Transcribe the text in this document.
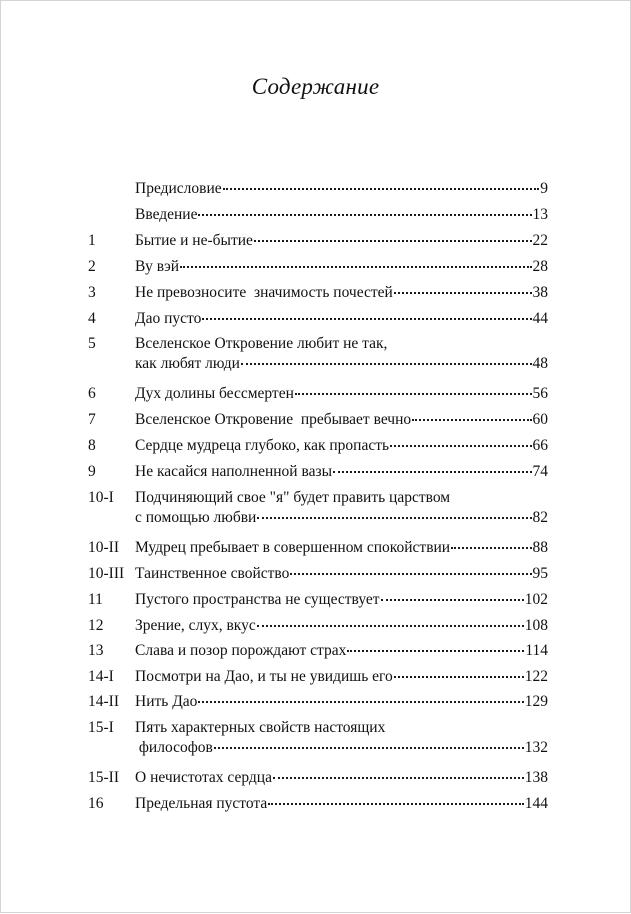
Содержание
Предисловие	9
Введение	13
1	Бытие и не-бытие	22
2	Ву вэй	28
3	Не превозносите  значимость почестей	38
4	Дао пусто	44
5	Вселенское Откровение любит не так,
как любят люди	48
6	Дух долины бессмертен	56
7	Вселенское Откровение  пребывает вечно	60
8	Сердце мудреца глубоко, как пропасть	66
9	Не касайся наполненной вазы	74
10-I Подчиняющий свое "я" будет править царством
с помощью любви	82
10-II Мудрец пребывает в совершенном спокойствии	88
10-III Таинственное свойство	95
11 Пустого пространства не существует	102
12 Зрение, слух, вкус	108
13 Слава и позор порождают страх	114
14-I Посмотри на Дао, и ты не увидишь его	122
14-II Нить Дао	129
15-I Пять характерных свойств настоящих
философов	132
15-II О нечистотах сердца	138
16 Предельная пустота	144
